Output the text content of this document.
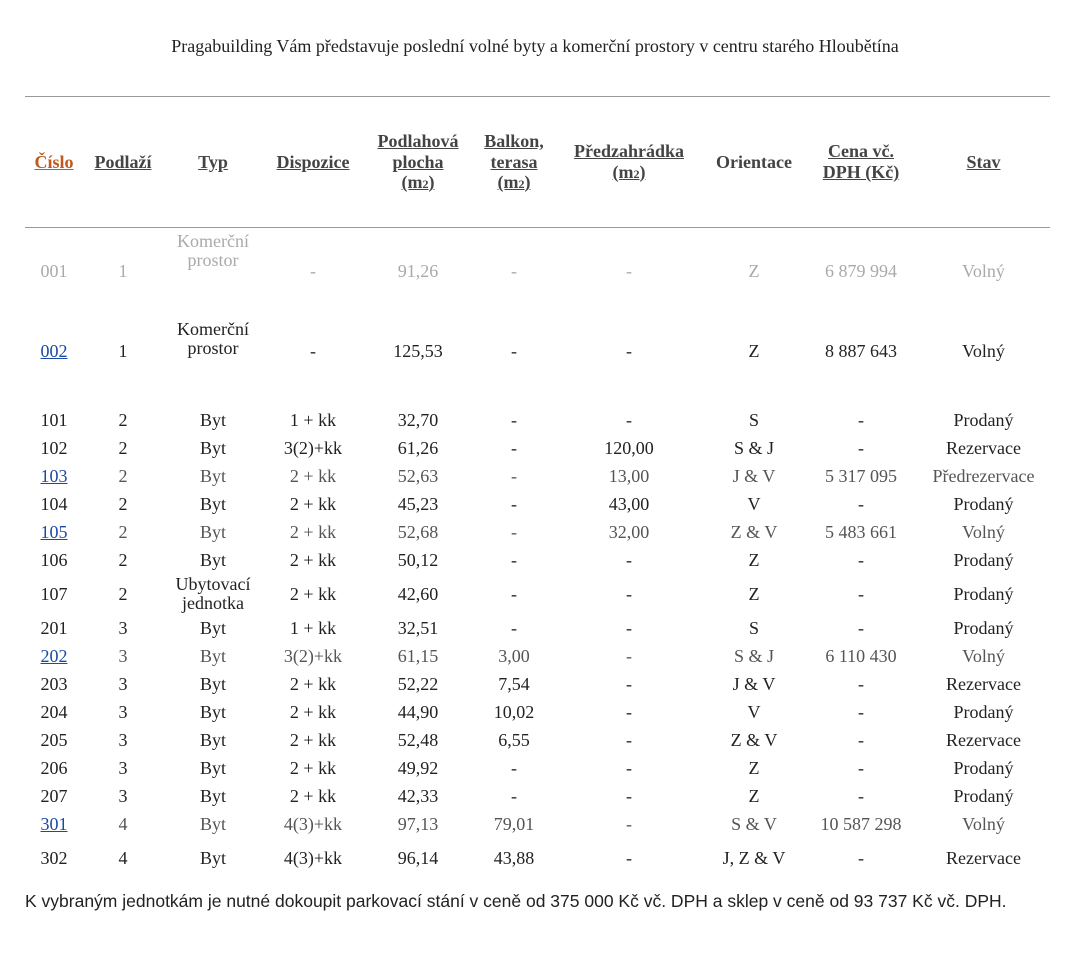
Pragabuilding Vám představuje poslední volné byty a komerční prostory v centru starého Hloubětína
Číslo	Podlaží	Typ	Dispozice	Podlahová
plocha
(m2)	Balkon,
terasa
(m2)	Předzahrádka
(m2)	Orientace	Cena vč.
DPH (Kč)	Stav
001	1	Komerční
prostor	-	91,26	-	-	Z	6 879 994	Volný
002	1	Komerční
prostor	-	125,53	-	-	Z	8 887 643	Volný
101	2	Byt	1 + kk	32,70	-	-	S	-	Prodaný
102	2	Byt	3(2)+kk	61,26	-	120,00	S & J	-	Rezervace
103	2	Byt	2 + kk	52,63	-	13,00	J & V	5 317 095	Předrezervace
104	2	Byt	2 + kk	45,23	-	43,00	V	-	Prodaný
105	2	Byt	2 + kk	52,68	-	32,00	Z & V	5 483 661	Volný
106	2	Byt	2 + kk	50,12	-	-	Z	-	Prodaný
107	2	Ubytovací
jednotka	2 + kk	42,60	-	-	Z	-	Prodaný
201	3	Byt	1 + kk	32,51	-	-	S	-	Prodaný
202	3	Byt	3(2)+kk	61,15	3,00	-	S & J	6 110 430	Volný
203	3	Byt	2 + kk	52,22	7,54	-	J & V	-	Rezervace
204	3	Byt	2 + kk	44,90	10,02	-	V	-	Prodaný
205	3	Byt	2 + kk	52,48	6,55	-	Z & V	-	Rezervace
206	3	Byt	2 + kk	49,92	-	-	Z	-	Prodaný
207	3	Byt	2 + kk	42,33	-	-	Z	-	Prodaný
301	4	Byt	4(3)+kk	97,13	79,01	-	S & V	10 587 298	Volný
302	4	Byt	4(3)+kk	96,14	43,88	-	J, Z & V	-	Rezervace
K vybraným jednotkám je nutné dokoupit parkovací stání v ceně od 375 000 Kč vč. DPH a sklep v ceně od 93 737 Kč vč. DPH.
